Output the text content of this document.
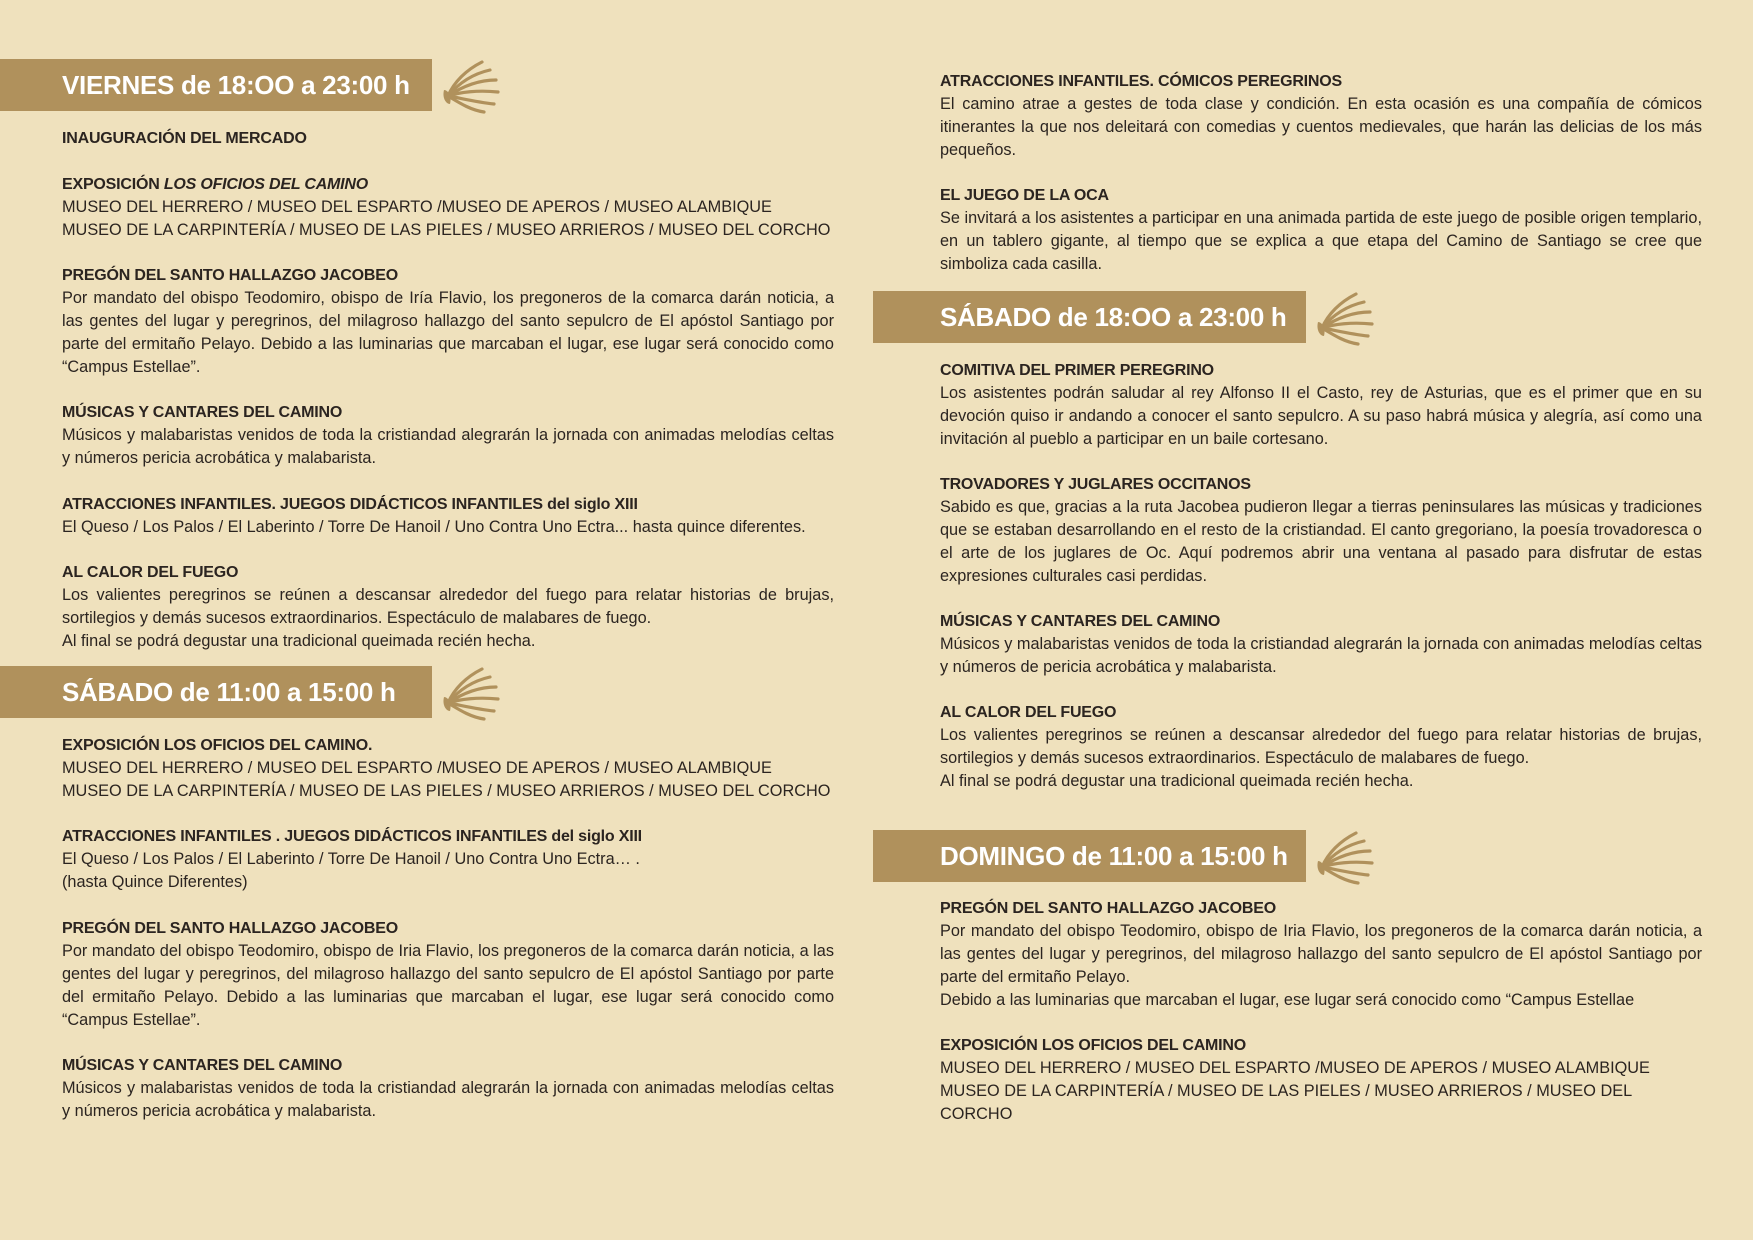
VIERNES de 18:OO a 23:00 h
INAUGURACIÓN DEL MERCADO
EXPOSICIÓN LOS OFICIOS DEL CAMINO

MUSEO DEL HERRERO / MUSEO DEL ESPARTO /MUSEO DE APEROS / MUSEO ALAMBIQUE

MUSEO DE LA CARPINTERÍA / MUSEO DE LAS PIELES / MUSEO ARRIEROS / MUSEO DEL CORCHO

PREGÓN DEL SANTO HALLAZGO JACOBEO

Por mandato del obispo Teodomiro, obispo de Iría Flavio, los pregoneros de la comarca darán noticia, a las gentes del lugar y peregrinos, del milagroso hallazgo del santo sepulcro de El apóstol Santiago por parte del ermitaño Pelayo. Debido a las luminarias que marcaban el lugar, ese lugar será conocido como “Campus Estellae”.

MÚSICAS Y CANTARES DEL CAMINO

Músicos y malabaristas venidos de toda la cristiandad alegrarán la jornada con animadas melodías celtas y números pericia acrobática y malabarista.

ATRACCIONES INFANTILES. JUEGOS DIDÁCTICOS INFANTILES del siglo XIII

El Queso / Los Palos / El Laberinto / Torre De Hanoil / Uno Contra Uno Ectra... hasta quince diferentes.

AL CALOR DEL FUEGO

Los valientes peregrinos se reúnen a descansar alrededor del fuego para relatar historias de brujas, sortilegios y demás sucesos extraordinarios. Espectáculo de malabares de fuego.

Al final se podrá degustar una tradicional queimada recién hecha.

SÁBADO de 11:00 a 15:00 h
EXPOSICIÓN LOS OFICIOS DEL CAMINO.

MUSEO DEL HERRERO / MUSEO DEL ESPARTO /MUSEO DE APEROS / MUSEO ALAMBIQUE

MUSEO DE LA CARPINTERÍA / MUSEO DE LAS PIELES / MUSEO ARRIEROS / MUSEO DEL CORCHO

ATRACCIONES INFANTILES . JUEGOS DIDÁCTICOS INFANTILES del siglo XIII

El Queso / Los Palos / El Laberinto / Torre De Hanoil / Uno Contra Uno Ectra… .

(hasta Quince Diferentes)

PREGÓN DEL SANTO HALLAZGO JACOBEO

Por mandato del obispo Teodomiro, obispo de Iria Flavio, los pregoneros de la comarca darán noticia, a las gentes del lugar y peregrinos, del milagroso hallazgo del santo sepulcro de El apóstol Santiago por parte del ermitaño Pelayo. Debido a las luminarias que marcaban el lugar, ese lugar será conocido como “Campus Estellae”.

MÚSICAS Y CANTARES DEL CAMINO

Músicos y malabaristas venidos de toda la cristiandad alegrarán la jornada con animadas melodías celtas y números pericia acrobática y malabarista.

ATRACCIONES INFANTILES. CÓMICOS PEREGRINOS

El camino atrae a gestes de toda clase y condición. En esta ocasión es una compañía de cómicos itinerantes la que nos deleitará con comedias y cuentos medievales, que harán las delicias de los más pequeños.

EL JUEGO DE LA OCA

Se invitará a los asistentes a participar en una animada partida de este juego de posible origen templario, en un tablero gigante, al tiempo que se explica a que etapa del Camino de Santiago se cree que simboliza cada casilla.

SÁBADO de 18:OO a 23:00 h
COMITIVA DEL PRIMER PEREGRINO

Los asistentes podrán saludar al rey Alfonso II el Casto, rey de Asturias, que es el primer que en su devoción quiso ir andando a conocer el santo sepulcro. A su paso habrá música y alegría, así como una invitación al pueblo a participar en un baile cortesano.

TROVADORES Y JUGLARES OCCITANOS

Sabido es que, gracias a la ruta Jacobea pudieron llegar a tierras peninsulares las músicas y tradiciones que se estaban desarrollando en el resto de la cristiandad. El canto gregoriano, la poesía trovadoresca o el arte de los juglares de Oc. Aquí podremos abrir una ventana al pasado para disfrutar de estas expresiones culturales casi perdidas.

MÚSICAS Y CANTARES DEL CAMINO

Músicos y malabaristas venidos de toda la cristiandad alegrarán la jornada con animadas melodías celtas y números de pericia acrobática y malabarista.

AL CALOR DEL FUEGO

Los valientes peregrinos se reúnen a descansar alrededor del fuego para relatar historias de brujas, sortilegios y demás sucesos extraordinarios. Espectáculo de malabares de fuego.

Al final se podrá degustar una tradicional queimada recién hecha.

DOMINGO de 11:00 a 15:00 h
PREGÓN DEL SANTO HALLAZGO JACOBEO

Por mandato del obispo Teodomiro, obispo de Iria Flavio, los pregoneros de la comarca darán noticia, a las gentes del lugar y peregrinos, del milagroso hallazgo del santo sepulcro de El apóstol Santiago por parte del ermitaño Pelayo.

Debido a las luminarias que marcaban el lugar, ese lugar será conocido como “Campus Estellae

EXPOSICIÓN LOS OFICIOS DEL CAMINO

MUSEO DEL HERRERO / MUSEO DEL ESPARTO /MUSEO DE APEROS / MUSEO ALAMBIQUE

MUSEO DE LA CARPINTERÍA / MUSEO DE LAS PIELES / MUSEO ARRIEROS / MUSEO DEL CORCHO
